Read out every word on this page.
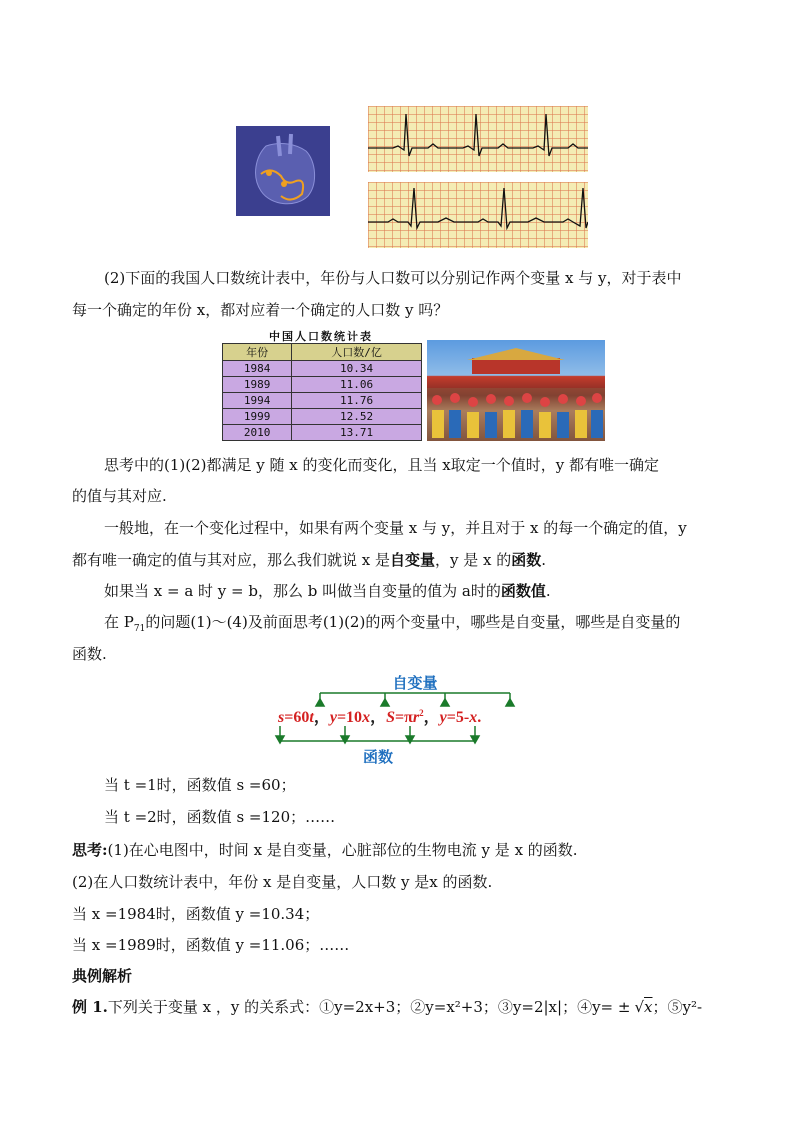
(2)下面的我国人口数统计表中，年份与人口数可以分别记作两个变量 x 与 y，对于表中
每一个确定的年份 x，都对应着一个确定的人口数 y 吗？
中国人口数统计表
年份	人口数/亿
1984	10.34
1989	11.06
1994	11.76
1999	12.52
2010	13.71
思考中的(1)(2)都满足 y 随 x 的变化而变化，且当 x取定一个值时，y 都有唯一确定
的值与其对应.
一般地，在一个变化过程中，如果有两个变量 x 与 y，并且对于 x 的每一个确定的值，y
都有唯一确定的值与其对应，那么我们就说 x 是自变量，y 是 x 的函数.
如果当 x = a 时 y = b，那么 b 叫做当自变量的值为 a时的函数值.
在 $P_{71}$的问题(1)～(4)及前面思考(1)(2)的两个变量中，哪些是自变量，哪些是自变量的
函数.
自变量
s=60t，y=10x，$S=\pi r^2$，y=5-x.
函数
当 t =1时，函数值 s =60；
当 t =2时，函数值 s =120；……
思考:(1)在心电图中，时间 x 是自变量，心脏部位的生物电流 y 是 x 的函数.
(2)在人口数统计表中，年份 x 是自变量，人口数 y 是x 的函数.
当 x =1984时，函数值 y =10.34；
当 x =1989时，函数值 y =11.06；……
典例解析
例 1.下列关于变量 x ，y 的关系式：①y=2x+3；②y=x²+3；③y=2|x|；④y= ± √x；⑤y²-
